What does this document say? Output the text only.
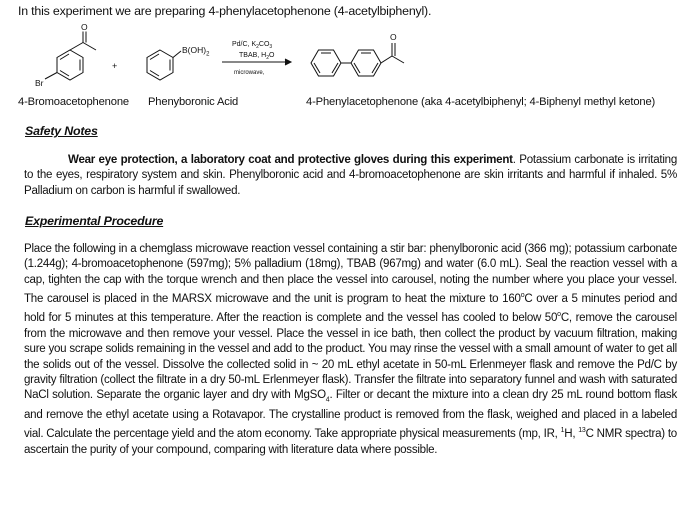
In this experiment we are preparing 4-phenylacetophenone (4-acetylbiphenyl).
O
Br
+
$B(OH)_2$
Pd/C, $K_2CO_3$
TBAB, $H_2O$
microwave,
O
4-Bromoacetophenone Phenyboronic Acid	4-Phenylacetophenone (aka 4-acetylbiphenyl; 4-Biphenyl methyl ketone)
Safety Notes
Wear eye protection, a laboratory coat and protective gloves during this experiment. Potassium carbonate is irritating to the eyes, respiratory system and skin. Phenylboronic acid and 4-bromoacetophenone are skin irritants and harmful if inhaled. 5% Palladium on carbon is harmful if swallowed.
Experimental Procedure
Place the following in a chemglass microwave reaction vessel containing a stir bar: phenylboronic acid (366 mg); potassium carbonate (1.244g); 4-bromoacetophenone (597mg); 5% palladium (18mg), TBAB (967mg) and water (6.0 mL). Seal the reaction vessel with a cap, tighten the cap with the torque wrench and then place the vessel into carousel, noting the number where you place your vessel. The carousel is placed in the MARSX microwave and the unit is program to heat the mixture to 160$^o$C over a 5 minutes period and hold for 5 minutes at this temperature. After the reaction is complete and the vessel has cooled to below 50$^o$C, remove the carousel from the microwave and then remove your vessel. Place the vessel in ice bath, then collect the product by vacuum filtration, making sure you scrape solids remaining in the vessel and add to the product. You may rinse the vessel with a small amount of water to get all the solids out of the vessel. Dissolve the collected solid in ~ 20 mL ethyl acetate in 50-mL Erlenmeyer flask and remove the Pd/C by gravity filtration (collect the filtrate in a dry 50-mL Erlenmeyer flask). Transfer the filtrate into separatory funnel and wash with saturated NaCl solution. Separate the organic layer and dry with MgSO$_4$. Filter or decant the mixture into a clean dry 25 mL round bottom flask and remove the ethyl acetate using a Rotavapor. The crystalline product is removed from the flask, weighed and placed in a labeled vial. Calculate the percentage yield and the atom economy. Take appropriate physical measurements (mp, IR, $^1$H, $^{13}$C NMR spectra) to ascertain the purity of your compound, comparing with literature data where possible.
